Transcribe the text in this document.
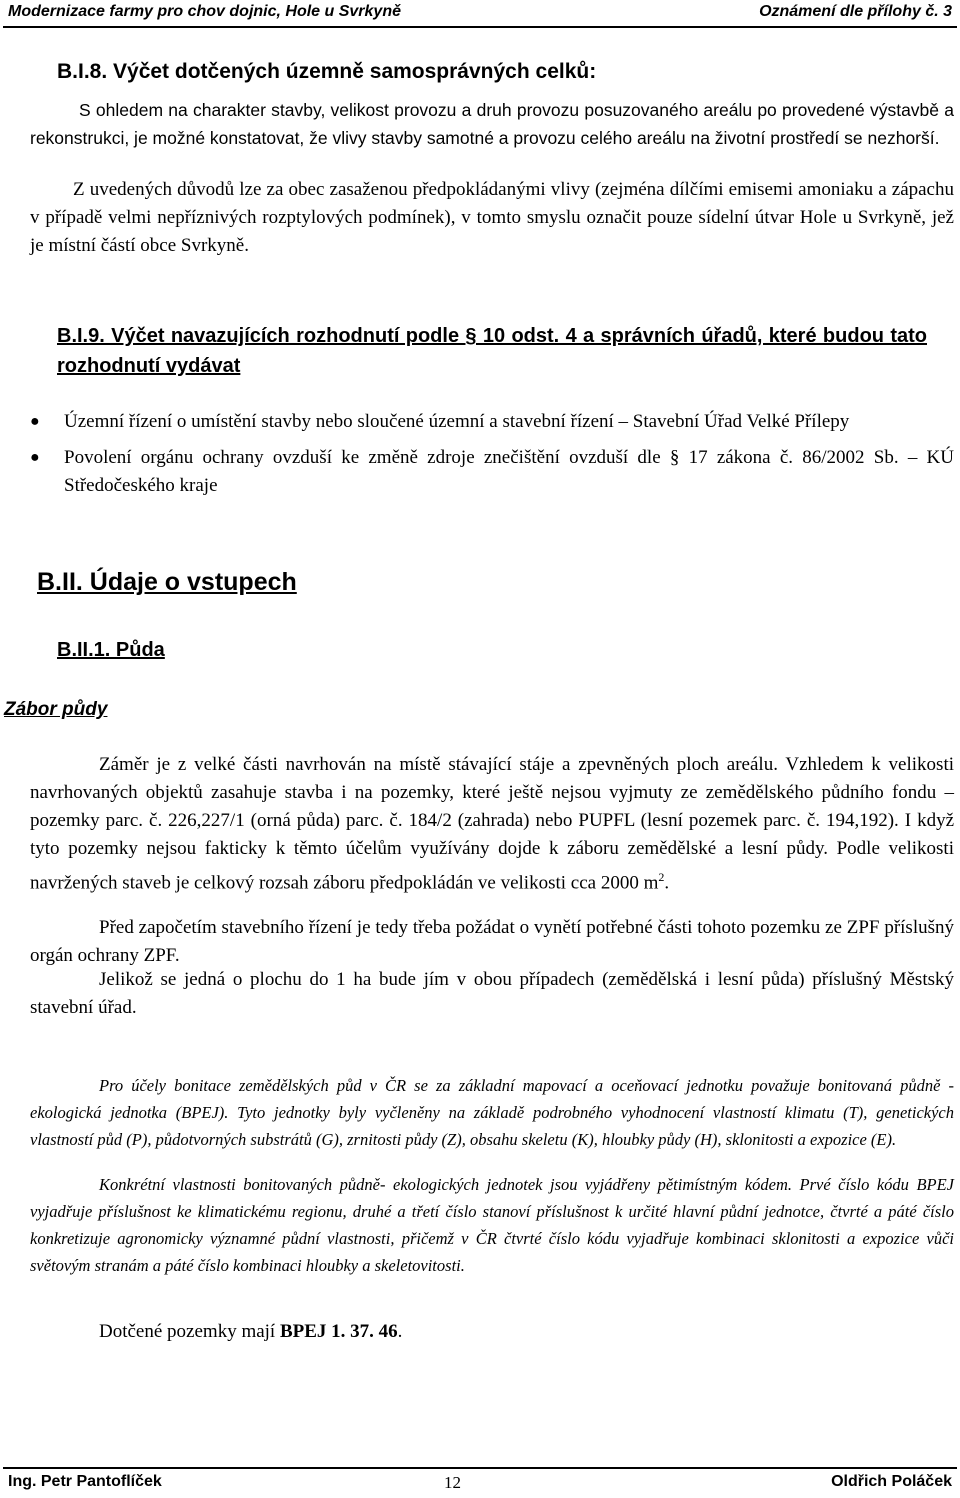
Modernizace farmy pro chov dojnic, Hole u Svrkyně	Oznámení dle přílohy č. 3
B.I.8. Výčet dotčených územně samosprávných celků:
S ohledem na charakter stavby, velikost provozu a druh provozu posuzovaného areálu po provedené výstavbě a rekonstrukci, je možné konstatovat, že vlivy stavby samotné a provozu celého areálu na životní prostředí se nezhorší.
Z uvedených důvodů lze za obec zasaženou předpokládanými vlivy (zejména dílčími emisemi amoniaku a zápachu v případě velmi nepříznivých rozptylových podmínek), v tomto smyslu označit pouze sídelní útvar Hole u Svrkyně, jež je místní částí obce Svrkyně.
B.I.9. Výčet navazujících rozhodnutí podle § 10 odst. 4 a správních úřadů, které budou tato rozhodnutí vydávat
● Územní řízení o umístění stavby nebo sloučené územní a stavební řízení – Stavební Úřad Velké Přílepy
● Povolení orgánu ochrany ovzduší ke změně zdroje znečištění ovzduší dle § 17 zákona č. 86/2002 Sb. – KÚ Středočeského kraje
B.II. Údaje o vstupech
B.II.1. Půda
Zábor půdy
Záměr je z velké části navrhován na místě stávající stáje a zpevněných ploch areálu. Vzhledem k velikosti navrhovaných objektů zasahuje stavba i na pozemky, které ještě nejsou vyjmuty ze zemědělského půdního fondu – pozemky parc. č. 226,227/1 (orná půda) parc. č. 184/2 (zahrada) nebo PUPFL (lesní pozemek parc. č. 194,192). I když tyto pozemky nejsou fakticky k těmto účelům využívány dojde k záboru zemědělské a lesní půdy. Podle velikosti navržených staveb je celkový rozsah záboru předpokládán ve velikosti cca 2000 $m^2$.
Před započetím stavebního řízení je tedy třeba požádat o vynětí potřebné části tohoto pozemku ze ZPF příslušný orgán ochrany ZPF.
Jelikož se jedná o plochu do 1 ha bude jím v obou případech (zemědělská i lesní půda) příslušný Městský stavební úřad.
Pro účely bonitace zemědělských půd v ČR se za základní mapovací a oceňovací jednotku považuje bonitovaná půdně - ekologická jednotka (BPEJ). Tyto jednotky byly vyčleněny na základě podrobného vyhodnocení vlastností klimatu (T), genetických vlastností půd (P), půdotvorných substrátů (G), zrnitosti půdy (Z), obsahu skeletu (K), hloubky půdy (H), sklonitosti a expozice (E).
Konkrétní vlastnosti bonitovaných půdně- ekologických jednotek jsou vyjádřeny pětimístným kódem. Prvé číslo kódu BPEJ vyjadřuje příslušnost ke klimatickému regionu, druhé a třetí číslo stanoví příslušnost k určité hlavní půdní jednotce, čtvrté a páté číslo konkretizuje agronomicky významné půdní vlastnosti, přičemž v ČR čtvrté číslo kódu vyjadřuje kombinaci sklonitosti a expozice vůči světovým stranám a páté číslo kombinaci hloubky a skeletovitosti.
Dotčené pozemky mají BPEJ 1. 37. 46.
Ing. Petr Pantoflíček	12	Oldřich Poláček
